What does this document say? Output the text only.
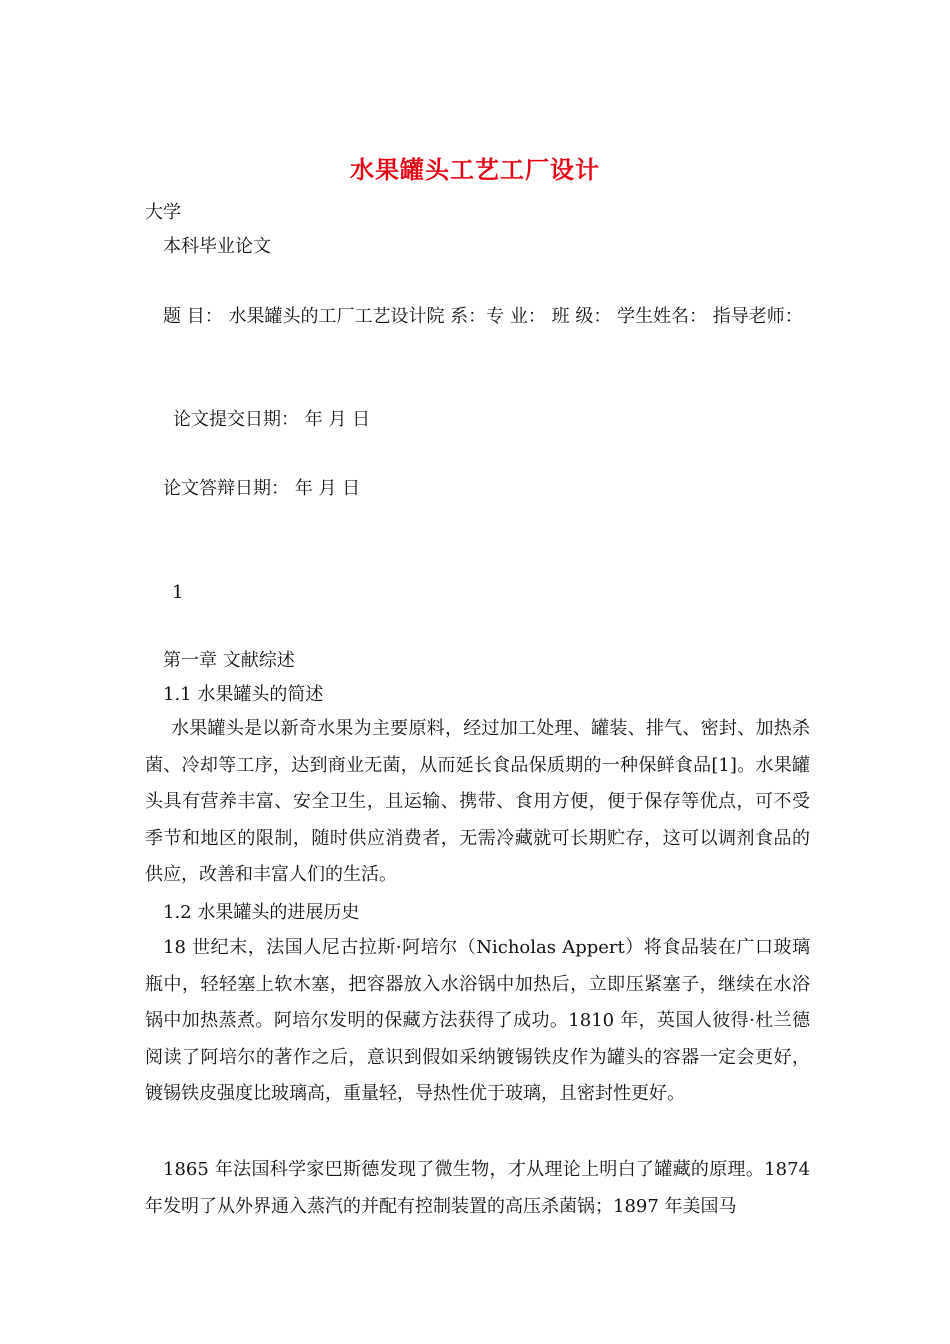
水果罐头工艺工厂设计
大学
本科毕业论文
题 目： 水果罐头的工厂工艺设计院 系：专 业： 班 级： 学生姓名： 指导老师：
论文提交日期： 年 月 日
论文答辩日期： 年 月 日
1
第一章 文献综述
1.1 水果罐头的简述
水果罐头是以新奇水果为主要原料，经过加工处理、罐装、排气、密封、加热杀菌、冷却等工序，达到商业无菌，从而延长食品保质期的一种保鲜食品[1]。水果罐头具有营养丰富、安全卫生，且运输、携带、食用方便，便于保存等优点，可不受季节和地区的限制，随时供应消费者，无需冷藏就可长期贮存，这可以调剂食品的供应，改善和丰富人们的生活。
1.2 水果罐头的进展历史
18 世纪末，法国人尼古拉斯·阿培尔（Nicholas Appert）将食品装在广口玻璃瓶中，轻轻塞上软木塞，把容器放入水浴锅中加热后，立即压紧塞子，继续在水浴锅中加热蒸煮。阿培尔发明的保藏方法获得了成功。1810 年，英国人彼得·杜兰德阅读了阿培尔的著作之后，意识到假如采纳镀锡铁皮作为罐头的容器一定会更好，镀锡铁皮强度比玻璃高，重量轻，导热性优于玻璃，且密封性更好。
1865 年法国科学家巴斯德发现了微生物，才从理论上明白了罐藏的原理。1874 年发明了从外界通入蒸汽的并配有控制装置的高压杀菌锅；1897 年美国马
